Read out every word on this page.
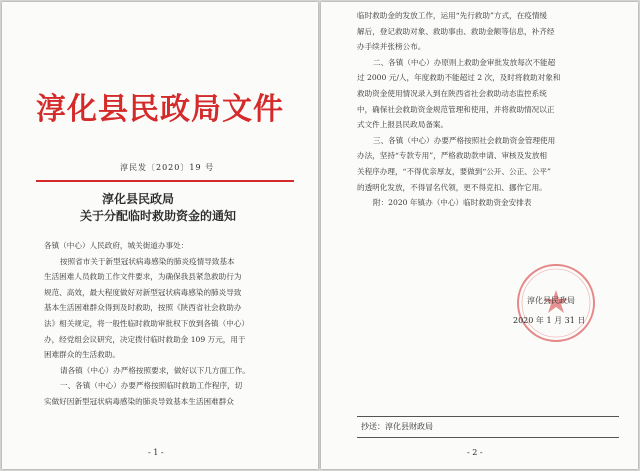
淳化县民政局文件
淳民发〔2020〕19 号
淳化县民政局
关于分配临时救助资金的通知
各镇（中心）人民政府，城关街道办事处：
按照省市关于新型冠状病毒感染的肺炎疫情导致基本
生活困难人员救助工作文件要求，为确保我县紧急救助行为
规范、高效，最大程度做好对新型冠状病毒感染的肺炎导致
基本生活困难群众得到及时救助，按照《陕西省社会救助办
法》相关规定，将一般性临时救助审批权下放到各镇（中心）
办，经党组会议研究，决定拨付临时救助金 109 万元，用于
困难群众的生活救助。
请各镇（中心）办严格按照要求，做好以下几方面工作。
一、各镇（中心）办要严格按照临时救助工作程序，切
实做好因新型冠状病毒感染的肺炎导致基本生活困难群众
- 1 -
临时救助金的发放工作，运用“先行救助”方式，在疫情缓
解后，登记救助对象、救助事由、救助金额等信息，补齐经
办手续并张榜公布。
二、各镇（中心）办原则上救助金审批发放每次不能超
过 2000 元/人，年度救助不能超过 2 次，及时将救助对象和
救助资金使用情况录入到在陕西省社会救助动态监控系统
中，确保社会救助资金规范管理和使用，并将救助情况以正
式文件上报县民政局备案。
三、各镇（中心）办要严格按照社会救助资金管理使用
办法，坚持“专款专用”，严格救助款申请、审核及发放相
关程序办理，“不得优亲厚友，要做到“公开、公正、公平”
的透明化发放，不得冒名代领，更不得克扣、挪作它用。
附：2020 年镇办（中心）临时救助资金安排表
淳化县民政局
2020 年 1 月 31 日
抄送：淳化县财政局
- 2 -
